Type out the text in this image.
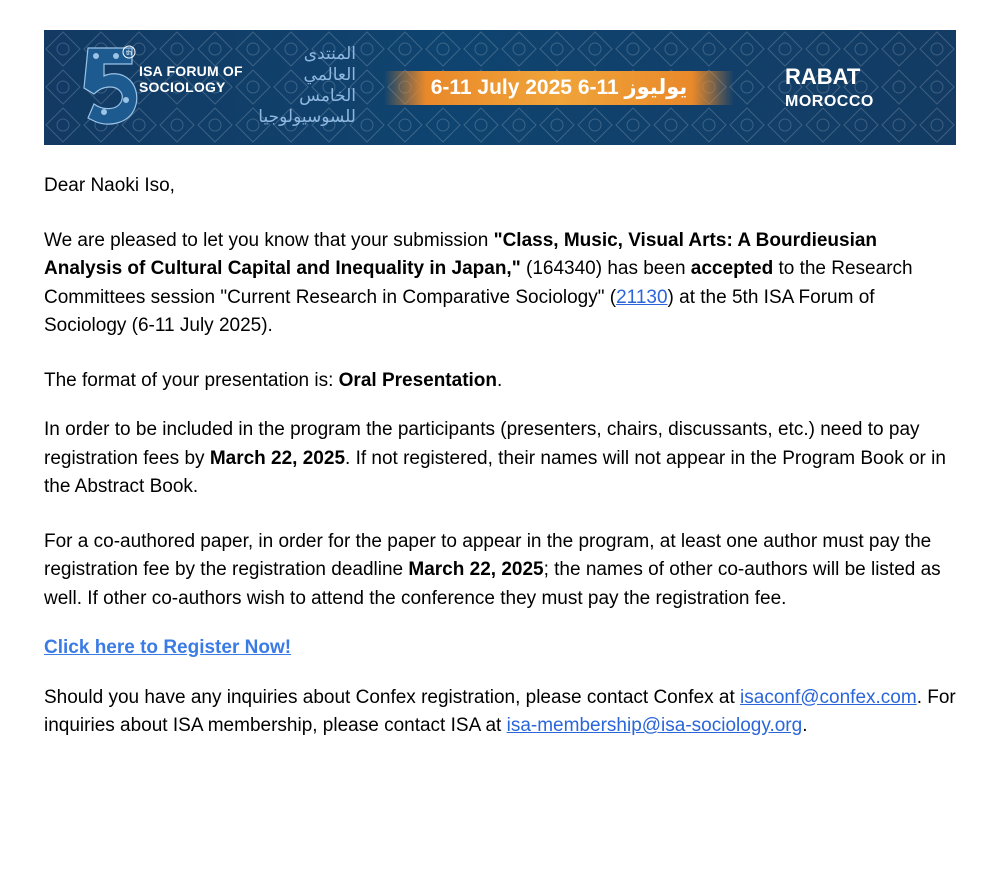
th
ISA FORUM OF
SOCIOLOGY
المنتدى العالمي الخامس للسوسيولوجيا
6-11 July 2025 يوليوز 11-6	RABAT
MOROCCO

Dear Naoki Iso,

We are pleased to let you know that your submission "Class, Music, Visual Arts: A Bourdieusian Analysis of Cultural Capital and Inequality in Japan," (164340) has been accepted to the Research Committees session "Current Research in Comparative Sociology" (21130) at the 5th ISA Forum of Sociology (6-11 July 2025).

The format of your presentation is: Oral Presentation.

In order to be included in the program the participants (presenters, chairs, discussants, etc.) need to pay registration fees by March 22, 2025. If not registered, their names will not appear in the Program Book or in the Abstract Book.

For a co-authored paper, in order for the paper to appear in the program, at least one author must pay the registration fee by the registration deadline March 22, 2025; the names of other co-authors will be listed as well. If other co-authors wish to attend the conference they must pay the registration fee.

Click here to Register Now!

Should you have any inquiries about Confex registration, please contact Confex at isaconf@confex.com. For inquiries about ISA membership, please contact ISA at isa-membership@isa-sociology.org.
